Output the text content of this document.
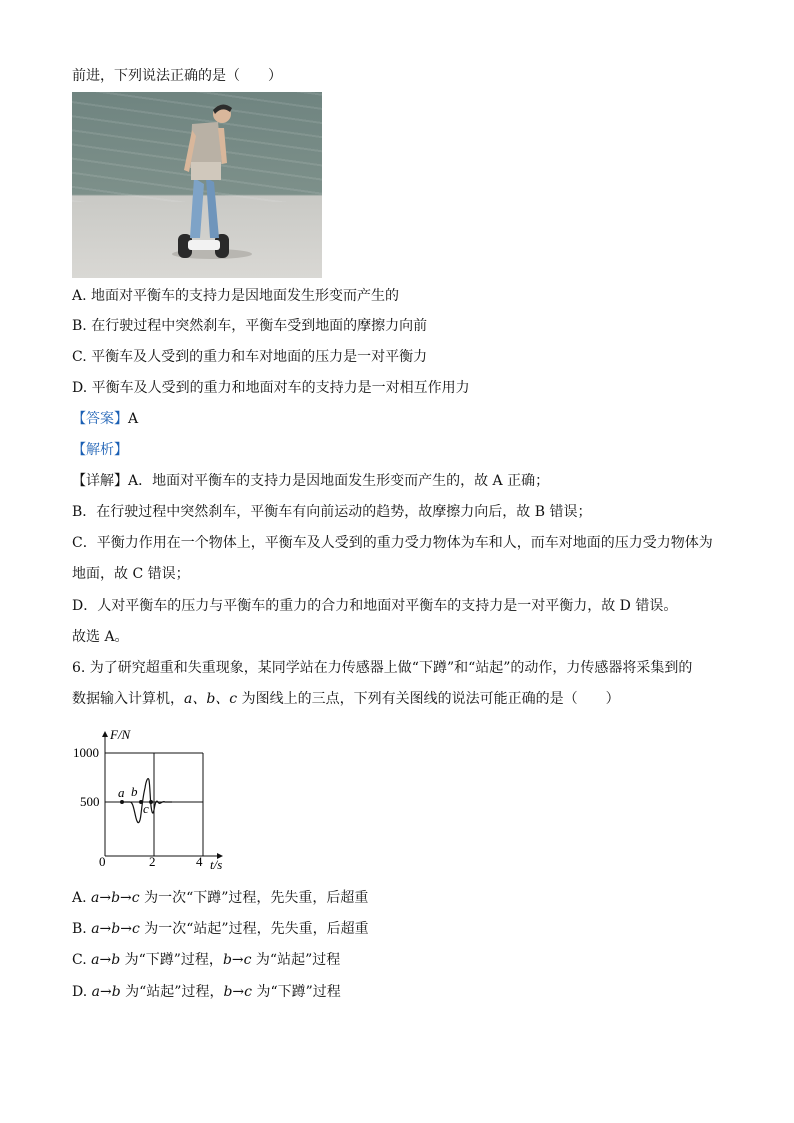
前进，下列说法正确的是（　　）
A. 地面对平衡车的支持力是因地面发生形变而产生的
B. 在行驶过程中突然刹车，平衡车受到地面的摩擦力向前
C. 平衡车及人受到的重力和车对地面的压力是一对平衡力
D. 平衡车及人受到的重力和地面对车的支持力是一对相互作用力
【答案】A
【解析】
【详解】A．地面对平衡车的支持力是因地面发生形变而产生的，故 A 正确；
B．在行驶过程中突然刹车，平衡车有向前运动的趋势，故摩擦力向后，故 B 错误；
C．平衡力作用在一个物体上，平衡车及人受到的重力受力物体为车和人，而车对地面的压力受力物体为
地面，故 C 错误；
D．人对平衡车的压力与平衡车的重力的合力和地面对平衡车的支持力是一对平衡力，故 D 错误。
故选 A。
6. 为了研究超重和失重现象，某同学站在力传感器上做“下蹲”和“站起”的动作，力传感器将采集到的
数据输入计算机，a、b、c 为图线上的三点，下列有关图线的说法可能正确的是（　　）
F/N
t/s
1000
500
0	2	4
a b
c
A. a→b→c 为一次“下蹲”过程，先失重，后超重
B. a→b→c 为一次“站起”过程，先失重，后超重
C. a→b 为“下蹲”过程，b→c 为“站起”过程
D. a→b 为“站起”过程，b→c 为“下蹲”过程
